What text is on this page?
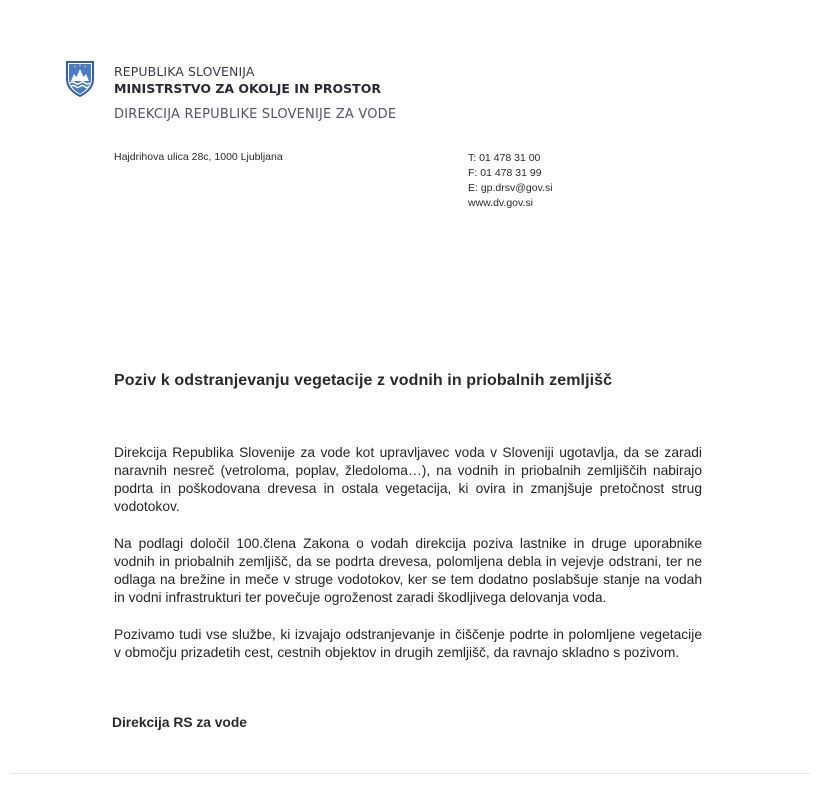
REPUBLIKA SLOVENIJA
MINISTRSTVO ZA OKOLJE IN PROSTOR
DIREKCIJA REPUBLIKE SLOVENIJE ZA VODE
Hajdrihova ulica 28c, 1000 Ljubljana	T: 01 478 31 00
F: 01 478 31 99
E: gp.drsv@gov.si
www.dv.gov.si
Poziv k odstranjevanju vegetacije z vodnih in priobalnih zemljišč

Direkcija Republika Slovenije za vode kot upravljavec voda v Sloveniji ugotavlja, da se zaradi naravnih nesreč (vetroloma, poplav, žledoloma…), na vodnih in priobalnih zemljiščih nabirajo podrta in poškodovana drevesa in ostala vegetacija, ki ovira in zmanjšuje pretočnost strug vodotokov.

Na podlagi določil 100.člena Zakona o vodah direkcija poziva lastnike in druge uporabnike vodnih in priobalnih zemljišč, da se podrta drevesa, polomljena debla in vejevje odstrani, ter ne odlaga na brežine in meče v struge vodotokov, ker se tem dodatno poslabšuje stanje na vodah in vodni infrastrukturi ter povečuje ogroženost zaradi škodljivega delovanja voda.

Pozivamo tudi vse službe, ki izvajajo odstranjevanje in čiščenje podrte in polomljene vegetacije v območju prizadetih cest, cestnih objektov in drugih zemljišč, da ravnajo skladno s pozivom.

Direkcija RS za vode
